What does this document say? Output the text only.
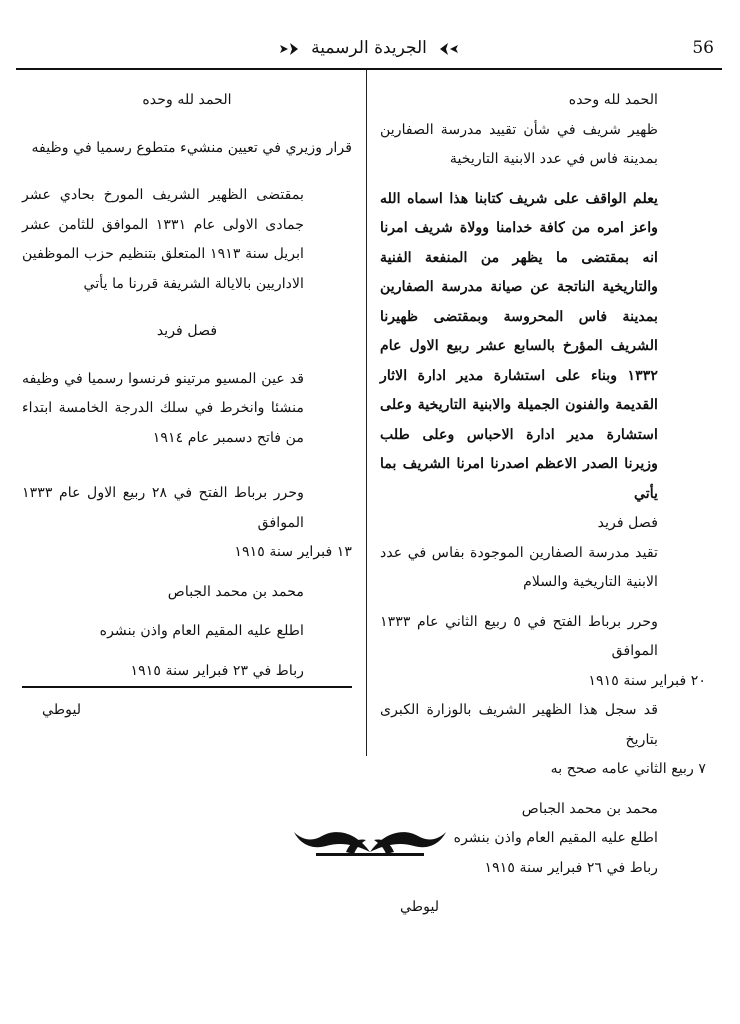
56
الجريدة الرسمية

الحمد لله وحده

ظهير شريف في شأن تقييد مدرسة الصفارين بمدينة فاس في عدد الابنية التاريخية

يعلم الواقف على شريف كتابنا هذا اسماه الله واعز امره من كافة خدامنا وولاة شريف امرنا انه بمقتضى ما يظهر من المنفعة الفنية والتاريخية الناتجة عن صيانة مدرسة الصفارين بمدينة فاس المحروسة وبمقتضى ظهيرنا الشريف المؤرخ بالسابع عشر ربيع الاول عام ١٣٣٢ وبناء على استشارة مدير ادارة الاثار القديمة والفنون الجميلة والابنية التاريخية وعلى استشارة مدير ادارة الاحباس وعلى طلب وزيرنا الصدر الاعظم اصدرنا امرنا الشريف بما يأتي

فصل فريد

تقيد مدرسة الصفارين الموجودة بفاس في عدد الابنية التاريخية والسلام

وحرر برباط الفتح في ٥ ربيع الثاني عام ١٣٣٣ الموافق

٢٠ فبراير سنة ١٩١٥

قد سجل هذا الظهير الشريف بالوزارة الكبرى بتاريخ

٧ ربيع الثاني عامه صحح به

محمد بن محمد الجباص

اطلع عليه المقيم العام واذن بنشره

رباط في ٢٦ فبراير سنة ١٩١٥

ليوطي

الحمد لله وحده

قرار وزيري في تعيين منشيء متطوع رسميا في وظيفه

بمقتضى الظهير الشريف المورخ بحادي عشر جمادى الاولى عام ١٣٣١ الموافق للثامن عشر ابريل سنة ١٩١٣ المتعلق بتنظيم حزب الموظفين الاداريين بالايالة الشريفة قررنا ما يأتي

فصل فريد

قد عين المسيو مرتينو فرنسوا رسميا في وظيفه منشئا وانخرط في سلك الدرجة الخامسة ابتداء من فاتح دسمبر عام ١٩١٤

وحرر برباط الفتح في ٢٨ ربيع الاول عام ١٣٣٣ الموافق

١٣ فبراير سنة ١٩١٥

محمد بن محمد الجباص

اطلع عليه المقيم العام واذن بنشره

رباط في ٢٣ فبراير سنة ١٩١٥

ليوطي
